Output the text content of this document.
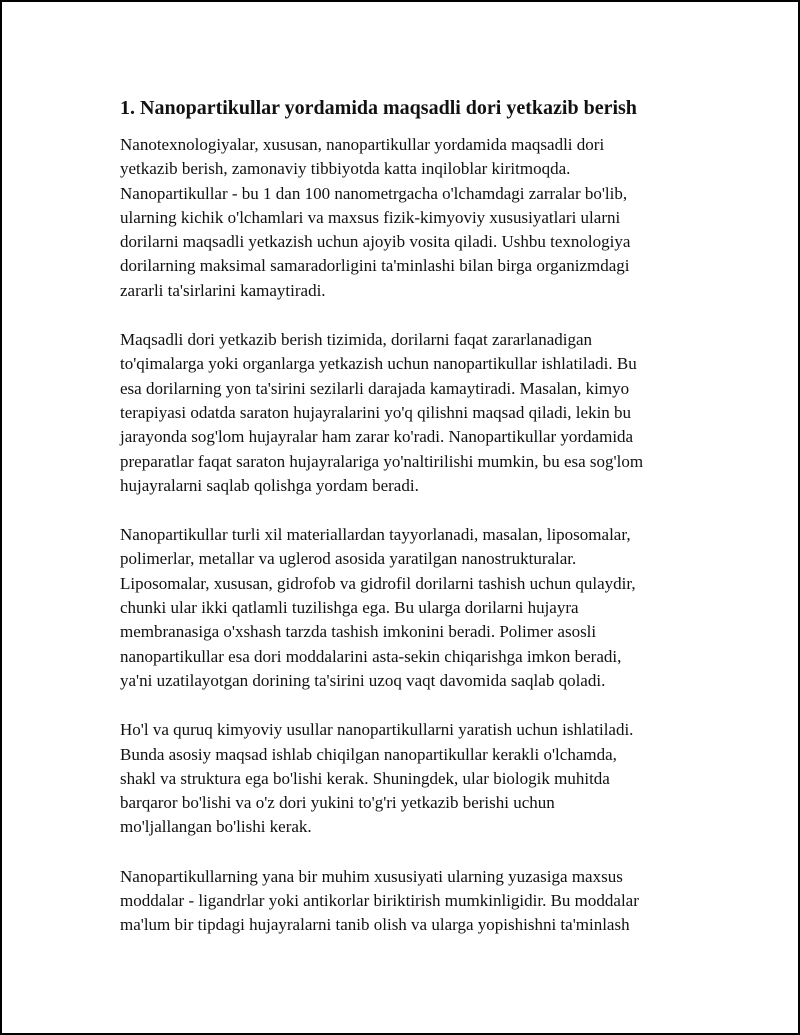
1. Nanopartikullar yordamida maqsadli dori yetkazib berish

Nanotexnologiyalar, xususan, nanopartikullar yordamida maqsadli dori
yetkazib berish, zamonaviy tibbiyotda katta inqiloblar kiritmoqda.
Nanopartikullar - bu 1 dan 100 nanometrgacha o'lchamdagi zarralar bo'lib,
ularning kichik o'lchamlari va maxsus fizik-kimyoviy xususiyatlari ularni
dorilarni maqsadli yetkazish uchun ajoyib vosita qiladi. Ushbu texnologiya
dorilarning maksimal samaradorligini ta'minlashi bilan birga organizmdagi
zararli ta'sirlarini kamaytiradi.

Maqsadli dori yetkazib berish tizimida, dorilarni faqat zararlanadigan
to'qimalarga yoki organlarga yetkazish uchun nanopartikullar ishlatiladi. Bu
esa dorilarning yon ta'sirini sezilarli darajada kamaytiradi. Masalan, kimyo
terapiyasi odatda saraton hujayralarini yo'q qilishni maqsad qiladi, lekin bu
jarayonda sog'lom hujayralar ham zarar ko'radi. Nanopartikullar yordamida
preparatlar faqat saraton hujayralariga yo'naltirilishi mumkin, bu esa sog'lom
hujayralarni saqlab qolishga yordam beradi.

Nanopartikullar turli xil materiallardan tayyorlanadi, masalan, liposomalar,
polimerlar, metallar va uglerod asosida yaratilgan nanostrukturalar.
Liposomalar, xususan, gidrofob va gidrofil dorilarni tashish uchun qulaydir,
chunki ular ikki qatlamli tuzilishga ega. Bu ularga dorilarni hujayra
membranasiga o'xshash tarzda tashish imkonini beradi. Polimer asosli
nanopartikullar esa dori moddalarini asta-sekin chiqarishga imkon beradi,
ya'ni uzatilayotgan dorining ta'sirini uzoq vaqt davomida saqlab qoladi.

Ho'l va quruq kimyoviy usullar nanopartikullarni yaratish uchun ishlatiladi.
Bunda asosiy maqsad ishlab chiqilgan nanopartikullar kerakli o'lchamda,
shakl va struktura ega bo'lishi kerak. Shuningdek, ular biologik muhitda
barqaror bo'lishi va o'z dori yukini to'g'ri yetkazib berishi uchun
mo'ljallangan bo'lishi kerak.

Nanopartikullarning yana bir muhim xususiyati ularning yuzasiga maxsus
moddalar - ligandrlar yoki antikorlar biriktirish mumkinligidir. Bu moddalar
ma'lum bir tipdagi hujayralarni tanib olish va ularga yopishishni ta'minlash
